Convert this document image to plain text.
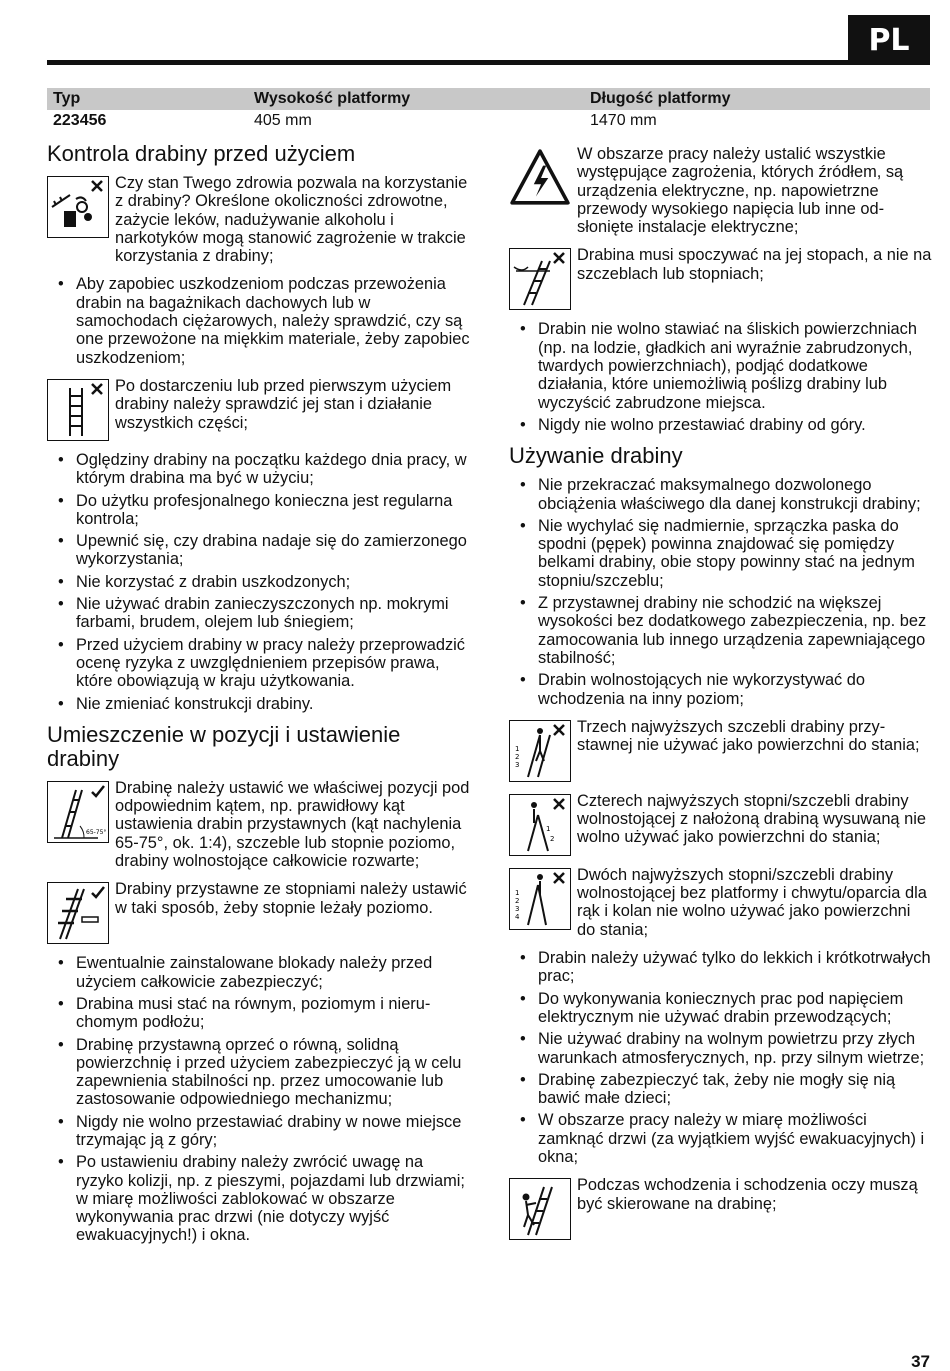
PL
Typ	Wysokość platformy	Długość platformy
223456	405 mm	1470 mm
Kontrola drabiny przed użyciem
Czy stan Twego zdrowia pozwala na korzystanie z drabiny? Określone okoliczności zdrowotne, zażycie leków, nadużywanie alkoholu i narkotyków mogą stanowić zagrożenie w trakcie korzystania z drabiny;
• Aby zapobiec uszkodzeniom podczas przewożenia drabin na bagażnikach dachowych lub w samochodach ciężarowych, należy sprawdzić, czy są one przewożone na miękkim materiale, żeby zapobiec uszkodzeniom;
Po dostarczeniu lub przed pierwszym użyciem drabiny należy sprawdzić jej stan i działanie wszystkich części;
• Oględziny drabiny na początku każdego dnia pracy, w którym drabina ma być w użyciu;
• Do użytku profesjonalnego konieczna jest regularna kontrola;
• Upewnić się, czy drabina nadaje się do zamierzonego wykorzystania;
• Nie korzystać z drabin uszkodzonych;
• Nie używać drabin zanieczyszczonych np. mokrymi farbami, brudem, olejem lub śniegiem;
• Przed użyciem drabiny w pracy należy przeprowadzić ocenę ryzyka z uwzględnieniem przepisów prawa, które obowiązują w kraju użytkowania.
• Nie zmieniać konstrukcji drabiny.
Umieszczenie w pozycji i ustawienie drabiny
65-75°
Drabinę należy ustawić we właściwej pozycji pod odpowiednim kątem, np. prawidłowy kąt ustawienia drabin przystawnych (kąt nachylenia 65-75°, ok. 1:4), szczeble lub stopnie poziomo, drabiny wolnostojące całkowicie rozwarte;
Drabiny przystawne ze stopniami należy ustawić w taki sposób, żeby stopnie leżały poziomo.
• Ewentualnie zainstalowane blokady należy przed użyciem całkowicie zabezpieczyć;
• Drabina musi stać na równym, poziomym i nieruchomym podłożu;
• Drabinę przystawną oprzeć o równą, solidną powierzchnię i przed użyciem zabezpieczyć ją w celu zapewnienia stabilności np. przez umocowanie lub zastosowanie odpowiedniego mechanizmu;
• Nigdy nie wolno przestawiać drabiny w nowe miejsce trzymając ją z góry;
• Po ustawieniu drabiny należy zwrócić uwagę na ryzyko kolizji, np. z pieszymi, pojazdami lub drzwiami; w miarę możliwości zablokować w obszarze wykonywania prac drzwi (nie dotyczy wyjść ewakuacyjnych!) i okna.
W obszarze pracy należy ustalić wszystkie występujące zagrożenia, których źródłem, są urządzenia elektryczne, np. napowietrzne przewody wysokiego napięcia lub inne odsłonięte instalacje elektryczne;
Drabina musi spoczywać na jej stopach, a nie na szczeblach lub stopniach;
• Drabin nie wolno stawiać na śliskich powierzchniach (np. na lodzie, gładkich ani wyraźnie zabrudzonych, twardych powierzchniach), podjąć dodatkowe działania, które uniemożliwią poślizg drabiny lub wyczyścić zabrudzone miejsca.
• Nigdy nie wolno przestawiać drabiny od góry.
Używanie drabiny
• Nie przekraczać maksymalnego dozwolonego obciążenia właściwego dla danej konstrukcji drabiny;
• Nie wychylać się nadmiernie, sprzączka paska do spodni (pępek) powinna znajdować się pomiędzy belkami drabiny, obie stopy powinny stać na jednym stopniu/szczeblu;
• Z przystawnej drabiny nie schodzić na większej wysokości bez dodatkowego zabezpieczenia, np. bez zamocowania lub innego urządzenia zapewniającego stabilność;
• Drabin wolnostojących nie wykorzystywać do wchodzenia na inny poziom;
1
2
3
Trzech najwyższych szczebli drabiny przystawnej nie używać jako powierzchni do stania;
1
2
Czterech najwyższych stopni/szczebli drabiny wolnostojącej z nałożoną drabiną wysuwaną nie wolno używać jako powierzchni do stania;
1
2
3
4
Dwóch najwyższych stopni/szczebli drabiny wolnostojącej bez platformy i chwytu/oparcia dla rąk i kolan nie wolno używać jako powierzchni do stania;
• Drabin należy używać tylko do lekkich i krótkotrwałych prac;
• Do wykonywania koniecznych prac pod napięciem elektrycznym nie używać drabin przewodzących;
• Nie używać drabiny na wolnym powietrzu przy złych warunkach atmosferycznych, np. przy silnym wietrze;
• Drabinę zabezpieczyć tak, żeby nie mogły się nią bawić małe dzieci;
• W obszarze pracy należy w miarę możliwości zamknąć drzwi (za wyjątkiem wyjść ewakuacyjnych) i okna;
Podczas wchodzenia i schodzenia oczy muszą być skierowane na drabinę;
37
